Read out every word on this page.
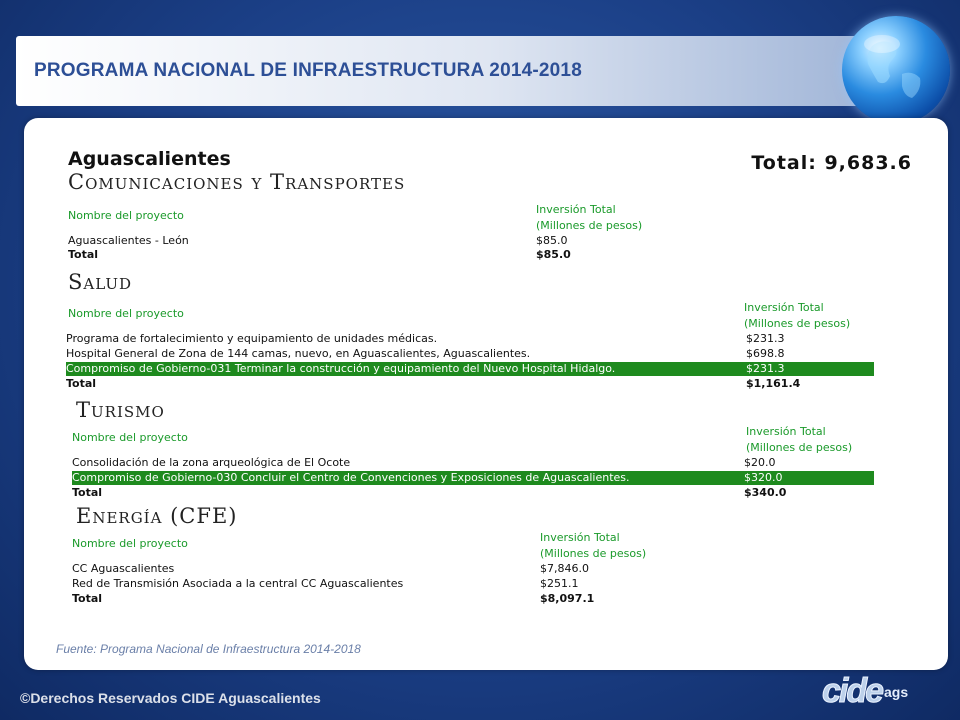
PROGRAMA NACIONAL DE INFRAESTRUCTURA 2014-2018
Aguascalientes	Total: 9,683.6
Comunicaciones y Transportes
Nombre del proyecto	Inversión Total
(Millones de pesos)
Aguascalientes - León	$85.0
Total	$85.0
Salud
Nombre del proyecto	Inversión Total
(Millones de pesos)
Programa de fortalecimiento y equipamiento de unidades médicas.	$231.3
Hospital General de Zona de 144 camas, nuevo, en Aguascalientes, Aguascalientes.	$698.8
Compromiso de Gobierno-031 Terminar la construcción y equipamiento del Nuevo Hospital Hidalgo.	$231.3
Total	$1,161.4
Turismo
Nombre del proyecto	Inversión Total
(Millones de pesos)
Consolidación de la zona arqueológica de El Ocote	$20.0
Compromiso de Gobierno-030 Concluir el Centro de Convenciones y Exposiciones de Aguascalientes.	$320.0
Total	$340.0
Energía (CFE)
Nombre del proyecto	Inversión Total
(Millones de pesos)
CC Aguascalientes	$7,846.0
Red de Transmisión Asociada a la central CC Aguascalientes	$251.1
Total	$8,097.1
Fuente: Programa Nacional de Infraestructura 2014-2018
©Derechos Reservados CIDE Aguascalientes	cide ags
